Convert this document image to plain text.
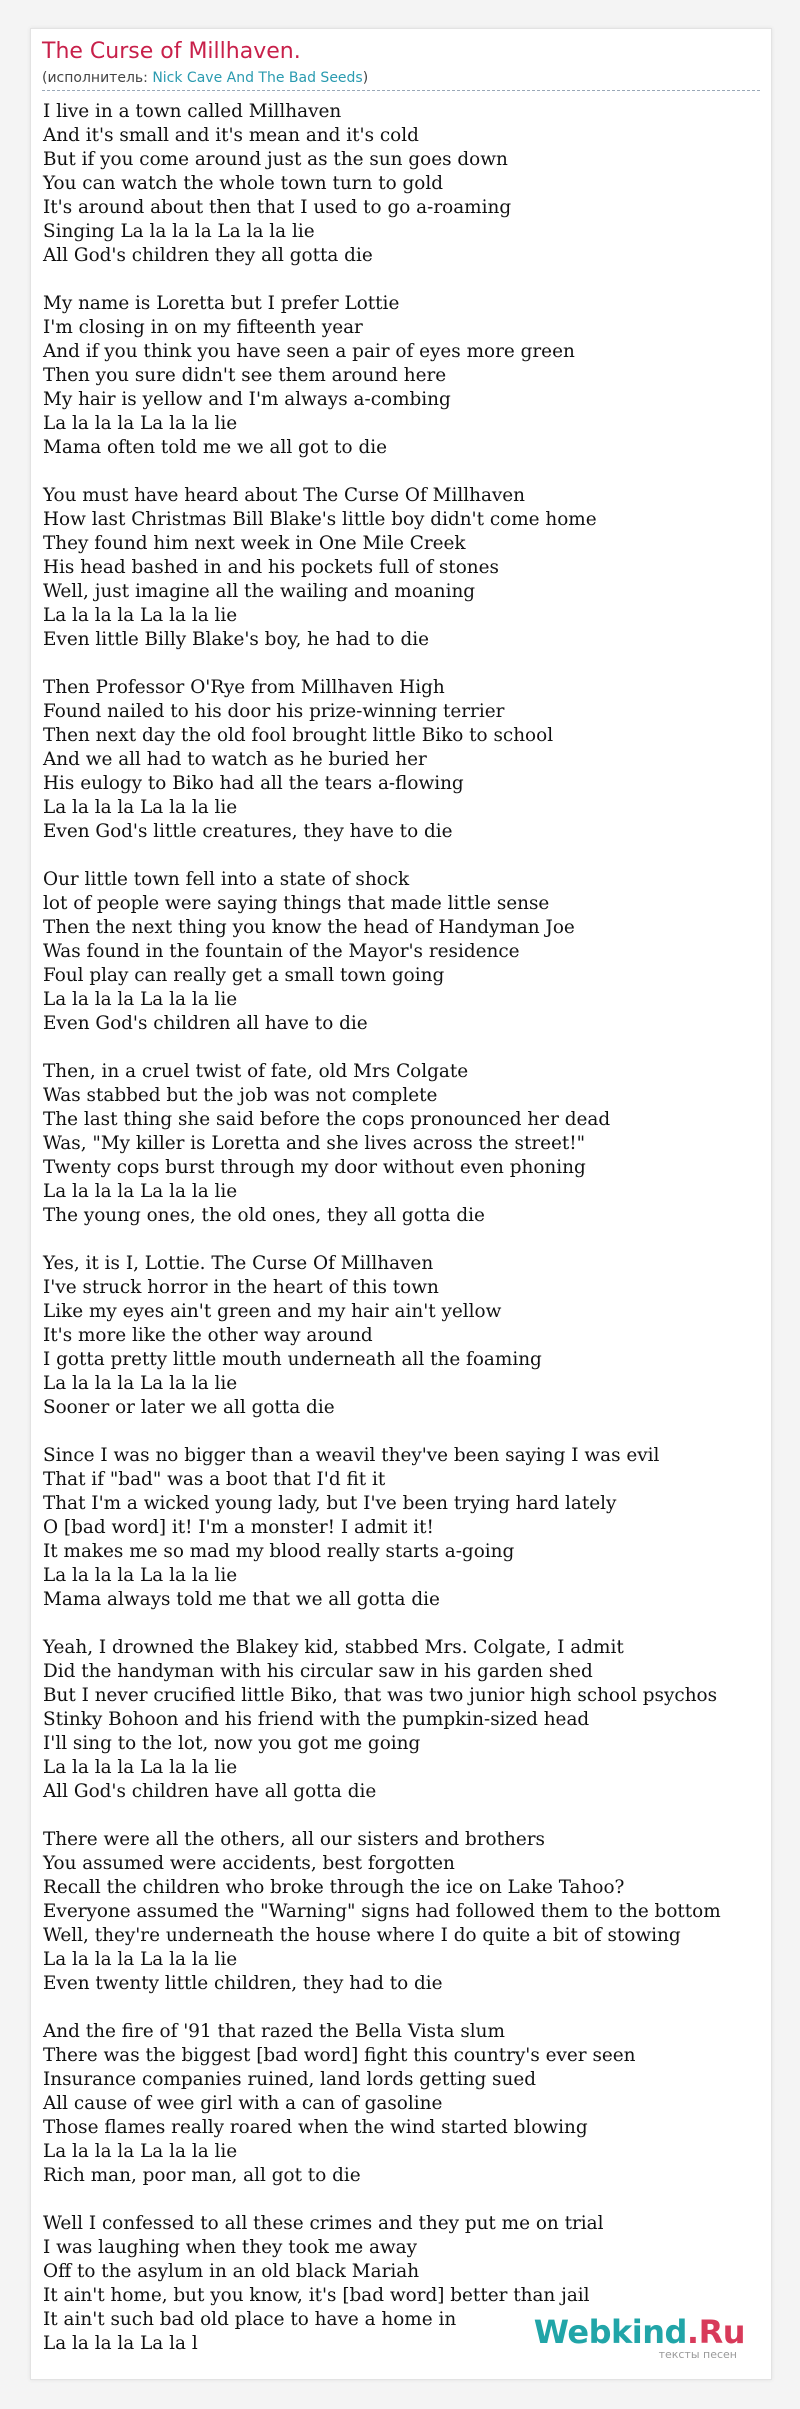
The Curse of Millhaven.
(исполнитель: Nick Cave And The Bad Seeds)
I live in a town called Millhaven
And it's small and it's mean and it's cold
But if you come around just as the sun goes down
You can watch the whole town turn to gold
It's around about then that I used to go a-roaming
Singing La la la la La la la lie
All God's children they all gotta die
My name is Loretta but I prefer Lottie
I'm closing in on my fifteenth year
And if you think you have seen a pair of eyes more green
Then you sure didn't see them around here
My hair is yellow and I'm always a-combing
La la la la La la la lie
Mama often told me we all got to die
You must have heard about The Curse Of Millhaven
How last Christmas Bill Blake's little boy didn't come home
They found him next week in One Mile Creek
His head bashed in and his pockets full of stones
Well, just imagine all the wailing and moaning
La la la la La la la lie
Even little Billy Blake's boy, he had to die
Then Professor O'Rye from Millhaven High
Found nailed to his door his prize-winning terrier
Then next day the old fool brought little Biko to school
And we all had to watch as he buried her
His eulogy to Biko had all the tears a-flowing
La la la la La la la lie
Even God's little creatures, they have to die
Our little town fell into a state of shock
lot of people were saying things that made little sense
Then the next thing you know the head of Handyman Joe
Was found in the fountain of the Mayor's residence
Foul play can really get a small town going
La la la la La la la lie
Even God's children all have to die
Then, in a cruel twist of fate, old Mrs Colgate
Was stabbed but the job was not complete
The last thing she said before the cops pronounced her dead
Was, "My killer is Loretta and she lives across the street!"
Twenty cops burst through my door without even phoning
La la la la La la la lie
The young ones, the old ones, they all gotta die
Yes, it is I, Lottie. The Curse Of Millhaven
I've struck horror in the heart of this town
Like my eyes ain't green and my hair ain't yellow
It's more like the other way around
I gotta pretty little mouth underneath all the foaming
La la la la La la la lie
Sooner or later we all gotta die
Since I was no bigger than a weavil they've been saying I was evil
That if "bad" was a boot that I'd fit it
That I'm a wicked young lady, but I've been trying hard lately
O [bad word] it! I'm a monster! I admit it!
It makes me so mad my blood really starts a-going
La la la la La la la lie
Mama always told me that we all gotta die
Yeah, I drowned the Blakey kid, stabbed Mrs. Colgate, I admit
Did the handyman with his circular saw in his garden shed
But I never crucified little Biko, that was two junior high school psychos
Stinky Bohoon and his friend with the pumpkin-sized head
I'll sing to the lot, now you got me going
La la la la La la la lie
All God's children have all gotta die
There were all the others, all our sisters and brothers
You assumed were accidents, best forgotten
Recall the children who broke through the ice on Lake Tahoo?
Everyone assumed the "Warning" signs had followed them to the bottom
Well, they're underneath the house where I do quite a bit of stowing
La la la la La la la lie
Even twenty little children, they had to die
And the fire of '91 that razed the Bella Vista slum
There was the biggest [bad word] fight this country's ever seen
Insurance companies ruined, land lords getting sued
All cause of wee girl with a can of gasoline
Those flames really roared when the wind started blowing
La la la la La la la lie
Rich man, poor man, all got to die
Well I confessed to all these crimes and they put me on trial
I was laughing when they took me away
Off to the asylum in an old black Mariah
It ain't home, but you know, it's [bad word] better than jail
It ain't such bad old place to have a home in
La la la la La la l	Webkind.Ru
тексты песен
